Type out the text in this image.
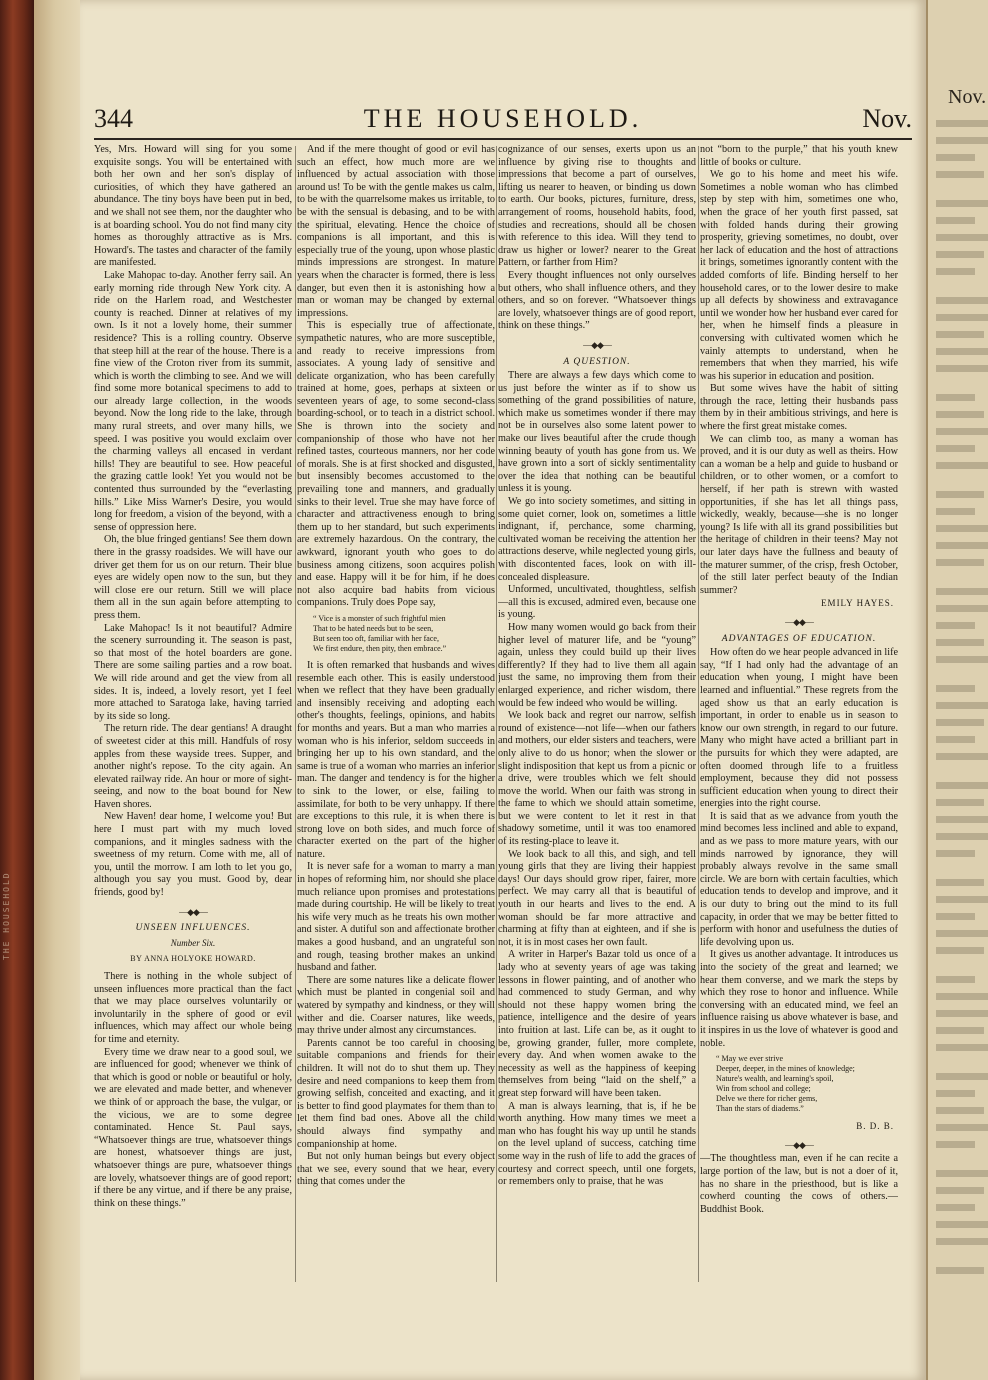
THE HOUSEHOLD
344	THE HOUSEHOLD.	Nov.

Yes, Mrs. Howard will sing for you some exquisite songs. You will be entertained with both her own and her son's display of curiosities, of which they have gathered an abundance. The tiny boys have been put in bed, and we shall not see them, nor the daughter who is at boarding school. You do not find many city homes as thoroughly attractive as is Mrs. Howard's. The tastes and character of the family are manifested.

Lake Mahopac to-day. Another ferry sail. An early morning ride through New York city. A ride on the Harlem road, and Westchester county is reached. Dinner at relatives of my own. Is it not a lovely home, their summer residence? This is a rolling country. Observe that steep hill at the rear of the house. There is a fine view of the Croton river from its summit, which is worth the climbing to see. And we will find some more botanical specimens to add to our already large collection, in the woods beyond. Now the long ride to the lake, through many rural streets, and over many hills, we speed. I was positive you would exclaim over the charming valleys all encased in verdant hills! They are beautiful to see. How peaceful the grazing cattle look! Yet you would not be contented thus surrounded by the “everlasting hills.” Like Miss Warner's Desire, you would long for freedom, a vision of the beyond, with a sense of oppression here.

Oh, the blue fringed gentians! See them down there in the grassy roadsides. We will have our driver get them for us on our return. Their blue eyes are widely open now to the sun, but they will close ere our return. Still we will place them all in the sun again before attempting to press them.

Lake Mahopac! Is it not beautiful? Admire the scenery surrounding it. The season is past, so that most of the hotel boarders are gone. There are some sailing parties and a row boat. We will ride around and get the view from all sides. It is, indeed, a lovely resort, yet I feel more attached to Saratoga lake, having tarried by its side so long.

The return ride. The dear gentians! A draught of sweetest cider at this mill. Handfuls of rosy apples from these wayside trees. Supper, and another night's repose. To the city again. An elevated railway ride. An hour or more of sight-seeing, and now to the boat bound for New Haven shores.

New Haven! dear home, I welcome you! But here I must part with my much loved companions, and it mingles sadness with the sweetness of my return. Come with me, all of you, until the morrow. I am loth to let you go, although you say you must. Good by, dear friends, good by!

—◆◆—
UNSEEN INFLUENCES.
Number Six.
BY ANNA HOLYOKE HOWARD.

There is nothing in the whole subject of unseen influences more practical than the fact that we may place ourselves voluntarily or involuntarily in the sphere of good or evil influences, which may affect our whole being for time and eternity.

Every time we draw near to a good soul, we are influenced for good; whenever we think of that which is good or noble or beautiful or holy, we are elevated and made better, and whenever we think of or approach the base, the vulgar, or the vicious, we are to some degree contaminated. Hence St. Paul says, “Whatsoever things are true, whatsoever things are honest, whatsoever things are just, whatsoever things are pure, whatsoever things are lovely, whatsoever things are of good report; if there be any virtue, and if there be any praise, think on these things.”

And if the mere thought of good or evil has such an effect, how much more are we influenced by actual association with those around us! To be with the gentle makes us calm, to be with the quarrelsome makes us irritable, to be with the sensual is debasing, and to be with the spiritual, elevating. Hence the choice of companions is all important, and this is especially true of the young, upon whose plastic minds impressions are strongest. In mature years when the character is formed, there is less danger, but even then it is astonishing how a man or woman may be changed by external impressions.

This is especially true of affectionate, sympathetic natures, who are more susceptible, and ready to receive impressions from associates. A young lady of sensitive and delicate organization, who has been carefully trained at home, goes, perhaps at sixteen or seventeen years of age, to some second-class boarding-school, or to teach in a district school. She is thrown into the society and companionship of those who have not her refined tastes, courteous manners, nor her code of morals. She is at first shocked and disgusted, but insensibly becomes accustomed to the prevailing tone and manners, and gradually sinks to their level. True she may have force of character and attractiveness enough to bring them up to her standard, but such experiments are extremely hazardous. On the contrary, the awkward, ignorant youth who goes to do business among citizens, soon acquires polish and ease. Happy will it be for him, if he does not also acquire bad habits from vicious companions. Truly does Pope say,

“ Vice is a monster of such frightful mien
That to be hated needs but to be seen,
But seen too oft, familiar with her face,
We first endure, then pity, then embrace.”

It is often remarked that husbands and wives resemble each other. This is easily understood when we reflect that they have been gradually and insensibly receiving and adopting each other's thoughts, feelings, opinions, and habits for months and years. But a man who marries a woman who is his inferior, seldom succeeds in bringing her up to his own standard, and the same is true of a woman who marries an inferior man. The danger and tendency is for the higher to sink to the lower, or else, failing to assimilate, for both to be very unhappy. If there are exceptions to this rule, it is when there is strong love on both sides, and much force of character exerted on the part of the higher nature.

It is never safe for a woman to marry a man in hopes of reforming him, nor should she place much reliance upon promises and protestations made during courtship. He will be likely to treat his wife very much as he treats his own mother and sister. A dutiful son and affectionate brother makes a good husband, and an ungrateful son and rough, teasing brother makes an unkind husband and father.

There are some natures like a delicate flower which must be planted in congenial soil and watered by sympathy and kindness, or they will wither and die. Coarser natures, like weeds, may thrive under almost any circumstances.

Parents cannot be too careful in choosing suitable companions and friends for their children. It will not do to shut them up. They desire and need companions to keep them from growing selfish, conceited and exacting, and it is better to find good playmates for them than to let them find bad ones. Above all the child should always find sympathy and companionship at home.

But not only human beings but every object that we see, every sound that we hear, every thing that comes under the

cognizance of our senses, exerts upon us an influence by giving rise to thoughts and impressions that become a part of ourselves, lifting us nearer to heaven, or binding us down to earth. Our books, pictures, furniture, dress, arrangement of rooms, household habits, food, studies and recreations, should all be chosen with reference to this idea. Will they tend to draw us higher or lower? nearer to the Great Pattern, or farther from Him?

Every thought influences not only ourselves but others, who shall influence others, and they others, and so on forever. “Whatsoever things are lovely, whatsoever things are of good report, think on these things.”

—◆◆—
A QUESTION.

There are always a few days which come to us just before the winter as if to show us something of the grand possibilities of nature, which make us sometimes wonder if there may not be in ourselves also some latent power to make our lives beautiful after the crude though winning beauty of youth has gone from us. We have grown into a sort of sickly sentimentality over the idea that nothing can be beautiful unless it is young.

We go into society sometimes, and sitting in some quiet corner, look on, sometimes a little indignant, if, perchance, some charming, cultivated woman be receiving the attention her attractions deserve, while neglected young girls, with discontented faces, look on with ill-concealed displeasure.

Unformed, uncultivated, thoughtless, selfish—all this is excused, admired even, because one is young.

How many women would go back from their higher level of maturer life, and be “young” again, unless they could build up their lives differently? If they had to live them all again just the same, no improving them from their enlarged experience, and richer wisdom, there would be few indeed who would be willing.

We look back and regret our narrow, selfish round of existence—not life—when our fathers and mothers, our elder sisters and teachers, were only alive to do us honor; when the slower or slight indisposition that kept us from a picnic or a drive, were troubles which we felt should move the world. When our faith was strong in the fame to which we should attain sometime, but we were content to let it rest in that shadowy sometime, until it was too enamored of its resting-place to leave it.

We look back to all this, and sigh, and tell young girls that they are living their happiest days! Our days should grow riper, fairer, more perfect. We may carry all that is beautiful of youth in our hearts and lives to the end. A woman should be far more attractive and charming at fifty than at eighteen, and if she is not, it is in most cases her own fault.

A writer in Harper's Bazar told us once of a lady who at seventy years of age was taking lessons in flower painting, and of another who had commenced to study German, and why should not these happy women bring the patience, intelligence and the desire of years into fruition at last. Life can be, as it ought to be, growing grander, fuller, more complete, every day. And when women awake to the necessity as well as the happiness of keeping themselves from being “laid on the shelf,” a great step forward will have been taken.

A man is always learning, that is, if he be worth anything. How many times we meet a man who has fought his way up until he stands on the level upland of success, catching time some way in the rush of life to add the graces of courtesy and correct speech, until one forgets, or remembers only to praise, that he was

not “born to the purple,” that his youth knew little of books or culture.

We go to his home and meet his wife. Sometimes a noble woman who has climbed step by step with him, sometimes one who, when the grace of her youth first passed, sat with folded hands during their growing prosperity, grieving sometimes, no doubt, over her lack of education and the host of attractions it brings, sometimes ignorantly content with the added comforts of life. Binding herself to her household cares, or to the lower desire to make up all defects by showiness and extravagance until we wonder how her husband ever cared for her, when he himself finds a pleasure in conversing with cultivated women which he vainly attempts to understand, when he remembers that when they married, his wife was his superior in education and position.

But some wives have the habit of sitting through the race, letting their husbands pass them by in their ambitious strivings, and here is where the first great mistake comes.

We can climb too, as many a woman has proved, and it is our duty as well as theirs. How can a woman be a help and guide to husband or children, or to other women, or a comfort to herself, if her path is strewn with wasted opportunities, if she has let all things pass, wickedly, weakly, because—she is no longer young? Is life with all its grand possibilities but the heritage of children in their teens? May not our later days have the fullness and beauty of the maturer summer, of the crisp, fresh October, of the still later perfect beauty of the Indian summer?

EMILY HAYES.
—◆◆—
ADVANTAGES OF EDUCATION.

How often do we hear people advanced in life say, “If I had only had the advantage of an education when young, I might have been learned and influential.” These regrets from the aged show us that an early education is important, in order to enable us in season to know our own strength, in regard to our future. Many who might have acted a brilliant part in the pursuits for which they were adapted, are often doomed through life to a fruitless employment, because they did not possess sufficient education when young to direct their energies into the right course.

It is said that as we advance from youth the mind becomes less inclined and able to expand, and as we pass to more mature years, with our minds narrowed by ignorance, they will probably always revolve in the same small circle. We are born with certain faculties, which education tends to develop and improve, and it is our duty to bring out the mind to its full capacity, in order that we may be better fitted to perform with honor and usefulness the duties of life devolving upon us.

It gives us another advantage. It introduces us into the society of the great and learned; we hear them converse, and we mark the steps by which they rose to honor and influence. While conversing with an educated mind, we feel an influence raising us above whatever is base, and it inspires in us the love of whatever is good and noble.

“ May we ever strive
Deeper, deeper, in the mines of knowledge;
Nature's wealth, and learning's spoil,
Win from school and college;
Delve we there for richer gems,
Than the stars of diadems.”
B. D. B.
—◆◆—

—The thoughtless man, even if he can recite a large portion of the law, but is not a doer of it, has no share in the priesthood, but is like a cowherd counting the cows of others.—Buddhist Book.

Nov.
